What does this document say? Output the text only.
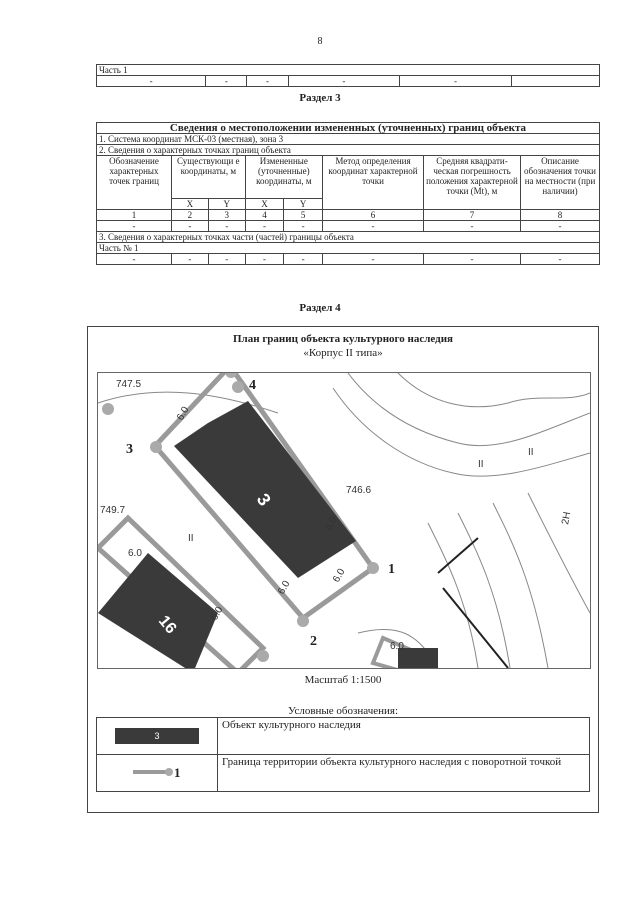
8
Часть 1
-	-	-	-	-	
Раздел 3
Сведения о местоположении измененных (уточненных) границ объекта							
1. Система координат МСК-03 (местная), зона 3							
2. Сведения о характерных точках границ объекта							
Обозначение характерных точек границ	Существующи е координаты, м		Измененные (уточненные) координаты, м		Метод определения координат характерной точки	Средняя квадрати-ческая погрешность положения характерной точки (Mt), м	Описание обозначения точки на местности (при наличии)
	X	Y	X	Y			
1	2	3	4	5	6	7	8
-	-	-	-	-	-	-	-
3. Сведения о характерных точках части (частей) границы объекта							
Часть № 1							
-	-	-	-	-	-	-	-
Раздел 4
План границ объекта культурного наследия
«Корпус II типа»
3
16
4
3
1
2
747.5
746.6
749.7
6.0
6.0
6.0
6.0
6.0
6.0
6.0
2Н
II
II
II
Масштаб 1:1500
Условные обозначения:
3	Объект культурного наследия

1	Граница территории объекта культурного наследия с поворотной точкой
